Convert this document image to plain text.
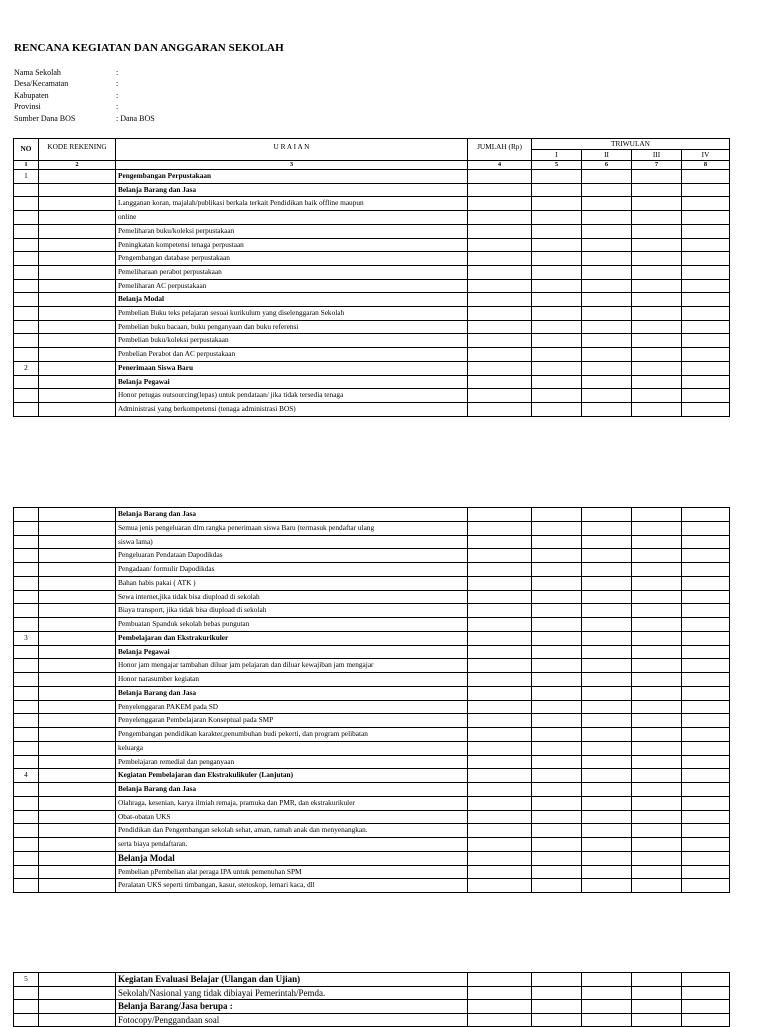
RENCANA KEGIATAN DAN ANGGARAN SEKOLAH
Nama Sekolah	:
Desa/Kecamatan	:
Kabupaten	:
Provinsi	:
Sumber Dana BOS	: Dana BOS
NO	KODE REKENING	U R A I A N	JUMLAH (Rp)	TRIWULAN			
				I	II	III	IV
1	2	3	4	5	6	7	8
1		Pengembangan Perpustakaan					
		Belanja Barang dan Jasa					
		Langganan koran, majalah/publikasi berkala terkait Pendidikan baik offline maupun					
		online					
		Pemeliharan buku/koleksi perpustakaan					
		Peningkatan kompetensi tenaga perpustaan					
		Pengembangan database perpustakaan					
		Pemeliharaan perabot perpustakaan					
		Pemeliharan AC perpustakaan					
		Belanja Modal					
		Pembelian Buku teks pelajaran sesuai kurikulum yang diselenggaran Sekolah					
		Pembelian buku bacaan, buku penganyaan dan buku referensi					
		Pembelian buku/koleksi perpustakaan					
		Penbelian Perabot dan AC perpustakaan					
2		Penerimaan Siswa Baru					
		Belanja Pegawai					
		Honor petugas outsourcing(lepas) untuk pendataan/ jika tidak tersedia tenaga					
		Administrasi yang berkompetensi (tenaga administrasi BOS)					
		Belanja Barang dan Jasa					
		Semua jenis pengeluaran dlm rangka penerimaan siswa Baru (termasuk pendaftar ulang					
		siswa lama)					
		Pengeluaran Pendataan Dapodikdas					
		Pengadaan/ formulir Dapodikdas					
		Bahan habis pakai ( ATK )					
		Sewa internet,jika tidak bisa diupload di sekolah					
		Biaya transport, jika tidak bisa diupload di sekolah					
		Pembuatan Spanduk sekolah bebas pungutan					
3		Pembelajaran dan Ekstrakurikuler					
		Belanja Pegawai					
		Honor jam mengajar tambahan diluar jam pelajaran dan diluar kewajiban jam mengajar					
		Honor narasumber kegiatan					
		Belanja Barang dan Jasa					
		Penyelenggaran PAKEM pada SD					
		Penyelenggaran Pembelajaran Konseptual pada SMP					
		Pengembangan pendidikan karakter,penumbuhan budi pekerti, dan program pelibatan					
		keluarga					
		Pembelajaran remedial dan penganyaan					
4		Kegiatan Pembelajaran dan Ekstrakulikuler (Lanjutan)					
		Belanja Barang dan Jasa					
		Olahraga, kesenian, karya ilmiah remaja, pramuka dan PMR, dan ekstrakurikuler					
		Obat-obatan UKS					
		Pendidikan dan Pengembangan sekolah sehat, aman, ramah anak dan menyenangkan.					
		serta biaya pendaftaran.					
		Belanja Modal					
		Pembelian pPembelian alat peraga IPA untuk pemenuhan SPM					
		Peralatan UKS seperti timbangan, kasur, stetoskop, lemari kaca, dll					
5		Kegiatan Evaluasi Belajar (Ulangan dan Ujian)					
		Sekolah/Nasional yang tidak dibiayai Pemerintah/Pemda.					
		Belanja Barang/Jasa berupa :					
		Fotocopy/Penggandaan soal					
